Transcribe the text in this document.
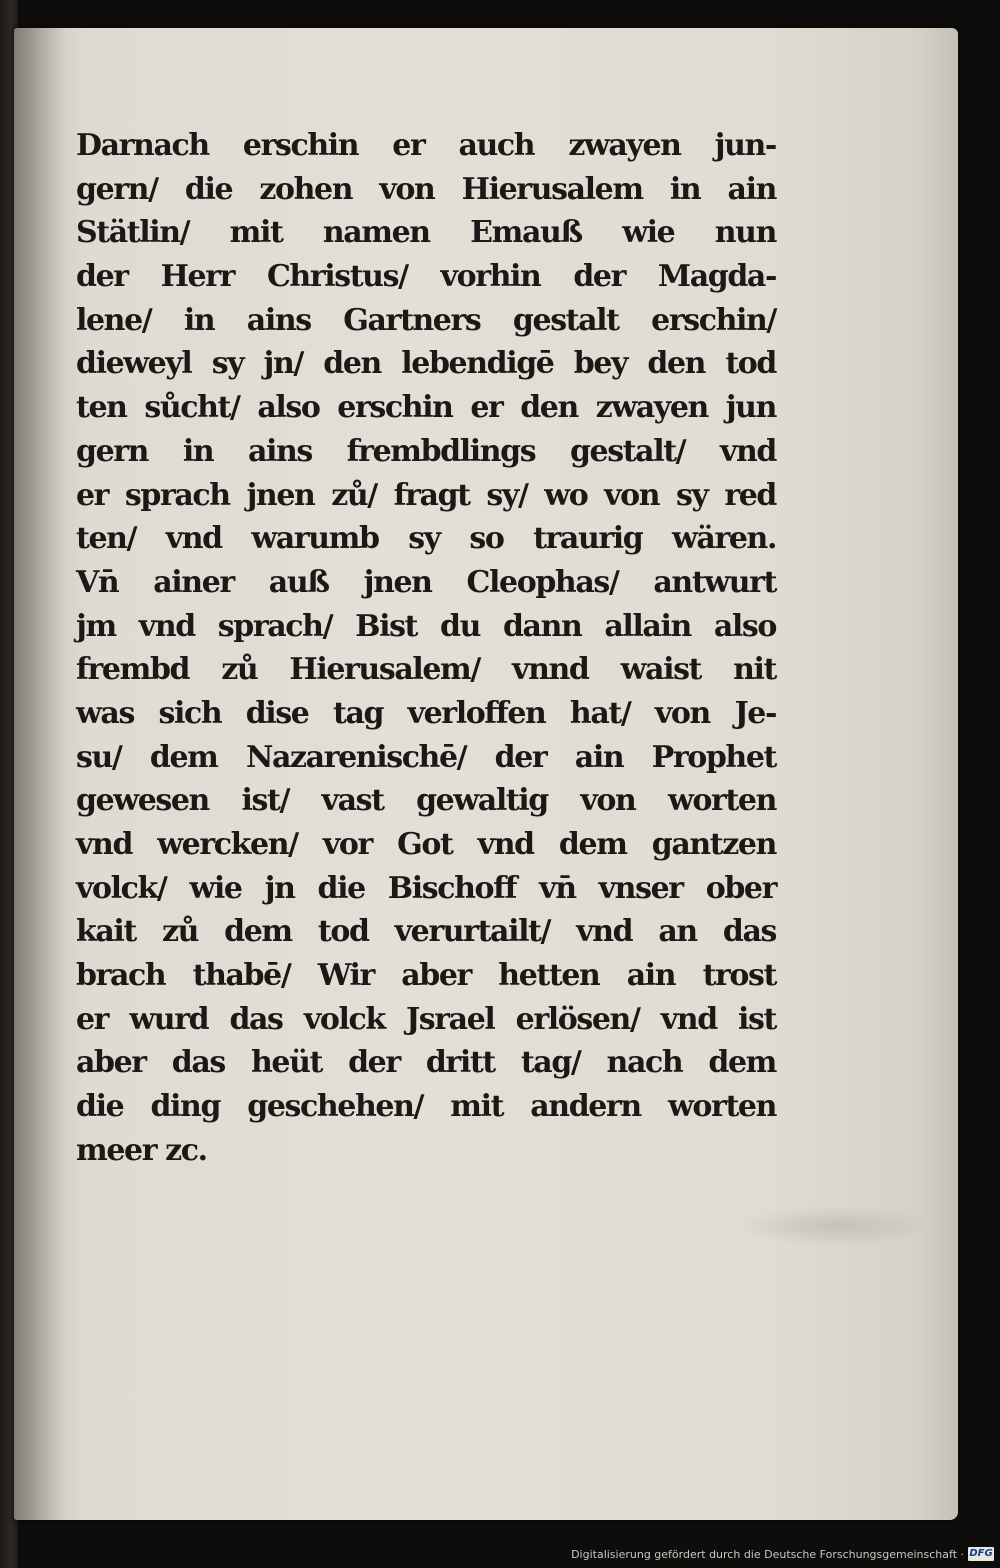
Darnach erschin er auch zwayen jun-
gern/ die zohen von Hierusalem in ain
Stätlin/ mit namen Emauß wie nun
der Herr Christus/ vorhin der Magda-
lene/ in ains Gartners gestalt erschin/
dieweyl sy jn/ den lebendigē bey den tod
ten sůcht/ also erschin er den zwayen jun
gern in ains frembdlings gestalt/ vnd
er sprach jnen zů/ fragt sy/ wo von sy red
ten/ vnd warumb sy so traurig wären.
Vn̄ ainer auß jnen Cleophas/ antwurt
jm vnd sprach/ Bist du dann allain also
frembd zů Hierusalem/ vnnd waist nit
was sich dise tag verloffen hat/ von Je-
su/ dem Nazarenischē/ der ain Prophet
gewesen ist/ vast gewaltig von worten
vnd wercken/ vor Got vnd dem gantzen
volck/ wie jn die Bischoff vn̄ vnser ober
kait zů dem tod verurtailt/ vnd an das
brach thabē/ Wir aber hetten ain trost
er wurd das volck Jsrael erlösen/ vnd ist
aber das heüt der dritt tag/ nach dem
die ding geschehen/ mit andern worten
meer zc.
Digitalisierung gefördert durch die Deutsche Forschungsgemeinschaft · DFG
